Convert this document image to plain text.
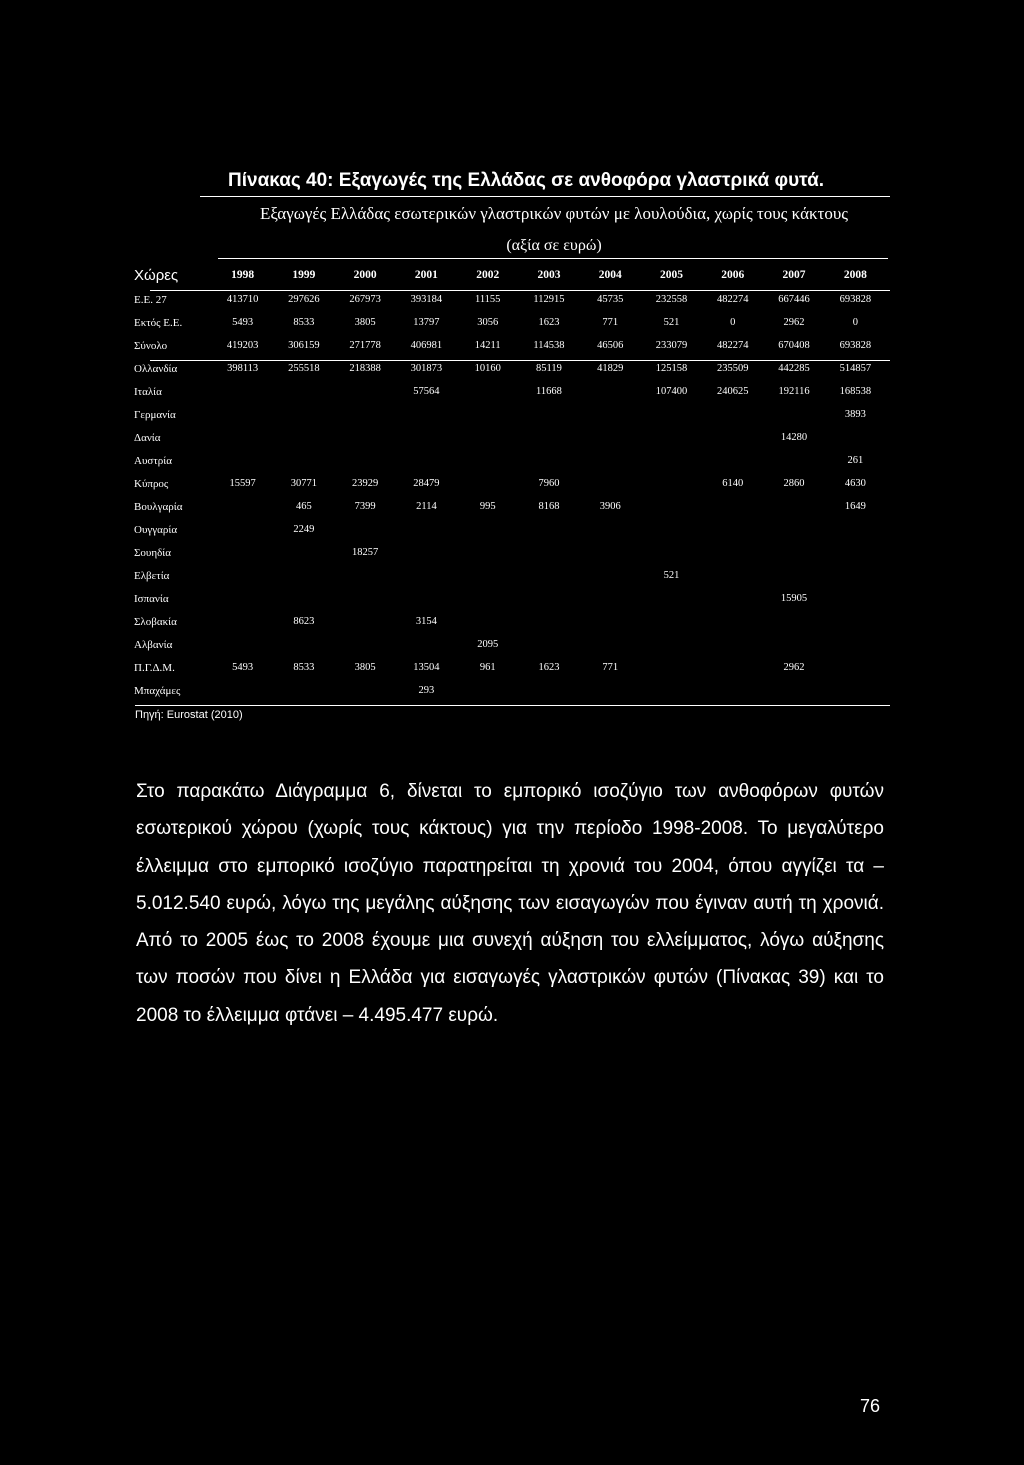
Πίνακας 40: Εξαγωγές της Ελλάδας σε ανθοφόρα γλαστρικά φυτά.
Εξαγωγές Ελλάδας εσωτερικών γλαστρικών φυτών με λουλούδια, χωρίς τους κάκτους
(αξία σε ευρώ)
Χώρες	1998	1999	2000	2001	2002	2003	2004	2005	2006	2007	2008
Ε.Ε. 27	413710	297626	267973	393184	11155	112915	45735	232558	482274	667446	693828
Εκτός Ε.Ε.	5493	8533	3805	13797	3056	1623	771	521	0	2962	0
Σύνολο	419203	306159	271778	406981	14211	114538	46506	233079	482274	670408	693828
Ολλανδία	398113	255518	218388	301873	10160	85119	41829	125158	235509	442285	514857
Ιταλία				57564		11668		107400	240625	192116	168538
Γερμανία											3893
Δανία										14280	
Αυστρία											261
Κύπρος	15597	30771	23929	28479		7960			6140	2860	4630
Βουλγαρία		465	7399	2114	995	8168	3906				1649
Ουγγαρία		2249									
Σουηδία			18257								
Ελβετία								521			
Ισπανία										15905	
Σλοβακία		8623		3154							
Αλβανία					2095						
Π.Γ.Δ.Μ.	5493	8533	3805	13504	961	1623	771			2962	
Μπαχάμες				293							
Πηγή: Eurostat (2010)
Στο παρακάτω Διάγραμμα 6, δίνεται το εμπορικό ισοζύγιο των ανθοφόρων φυτών εσωτερικού χώρου (χωρίς τους κάκτους) για την περίοδο 1998-2008. Το μεγαλύτερο έλλειμμα στο εμπορικό ισοζύγιο παρατηρείται τη χρονιά του 2004, όπου αγγίζει τα – 5.012.540 ευρώ, λόγω της μεγάλης αύξησης των εισαγωγών που έγιναν αυτή τη χρονιά. Από το 2005 έως το 2008 έχουμε μια συνεχή αύξηση του ελλείμματος, λόγω αύξησης των ποσών που δίνει η Ελλάδα για εισαγωγές γλαστρικών φυτών (Πίνακας 39) και το 2008 το έλλειμμα φτάνει – 4.495.477 ευρώ.
76
